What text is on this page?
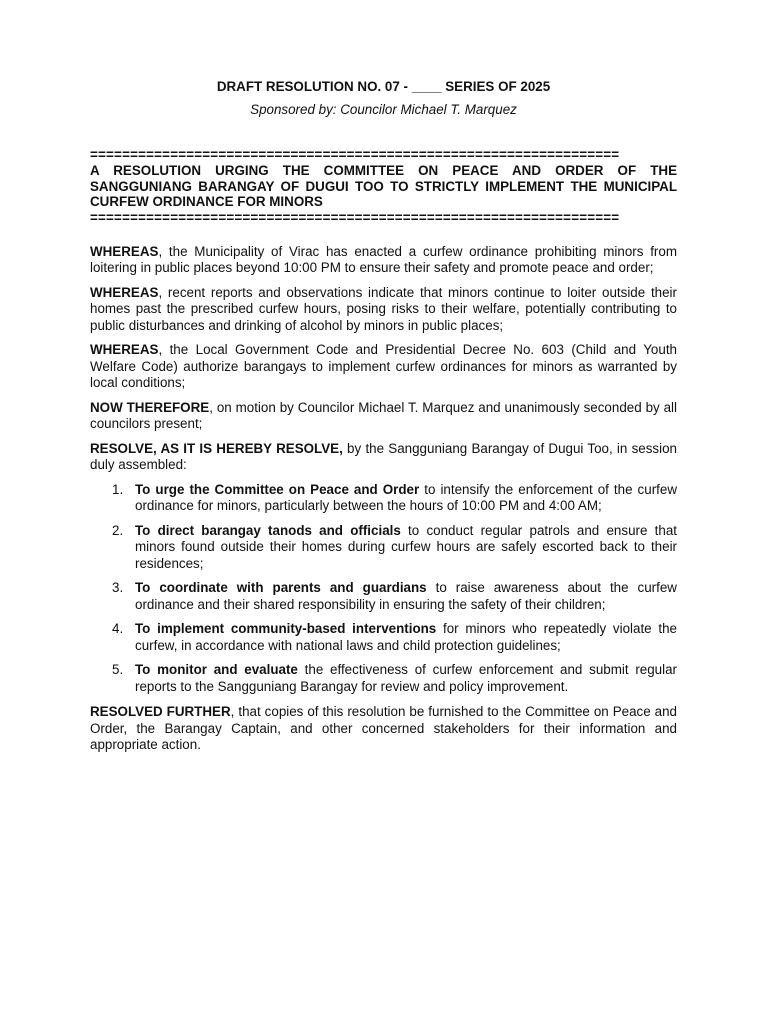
DRAFT RESOLUTION NO. 07 - ____ SERIES OF 2025

Sponsored by: Councilor Michael T. Marquez

==================================================================

A RESOLUTION URGING THE COMMITTEE ON PEACE AND ORDER OF THE SANGGUNIANG BARANGAY OF DUGUI TOO TO STRICTLY IMPLEMENT THE MUNICIPAL CURFEW ORDINANCE FOR MINORS

==================================================================

WHEREAS, the Municipality of Virac has enacted a curfew ordinance prohibiting minors from loitering in public places beyond 10:00 PM to ensure their safety and promote peace and order;

WHEREAS, recent reports and observations indicate that minors continue to loiter outside their homes past the prescribed curfew hours, posing risks to their welfare, potentially contributing to public disturbances and drinking of alcohol by minors in public places;

WHEREAS, the Local Government Code and Presidential Decree No. 603 (Child and Youth Welfare Code) authorize barangays to implement curfew ordinances for minors as warranted by local conditions;

NOW THEREFORE, on motion by Councilor Michael T. Marquez and unanimously seconded by all councilors present;

RESOLVE, AS IT IS HEREBY RESOLVE, by the Sangguniang Barangay of Dugui Too, in session duly assembled:

1. To urge the Committee on Peace and Order to intensify the enforcement of the curfew ordinance for minors, particularly between the hours of 10:00 PM and 4:00 AM;
2. To direct barangay tanods and officials to conduct regular patrols and ensure that minors found outside their homes during curfew hours are safely escorted back to their residences;
3. To coordinate with parents and guardians to raise awareness about the curfew ordinance and their shared responsibility in ensuring the safety of their children;
4. To implement community-based interventions for minors who repeatedly violate the curfew, in accordance with national laws and child protection guidelines;
5. To monitor and evaluate the effectiveness of curfew enforcement and submit regular reports to the Sangguniang Barangay for review and policy improvement.

RESOLVED FURTHER, that copies of this resolution be furnished to the Committee on Peace and Order, the Barangay Captain, and other concerned stakeholders for their information and appropriate action.
